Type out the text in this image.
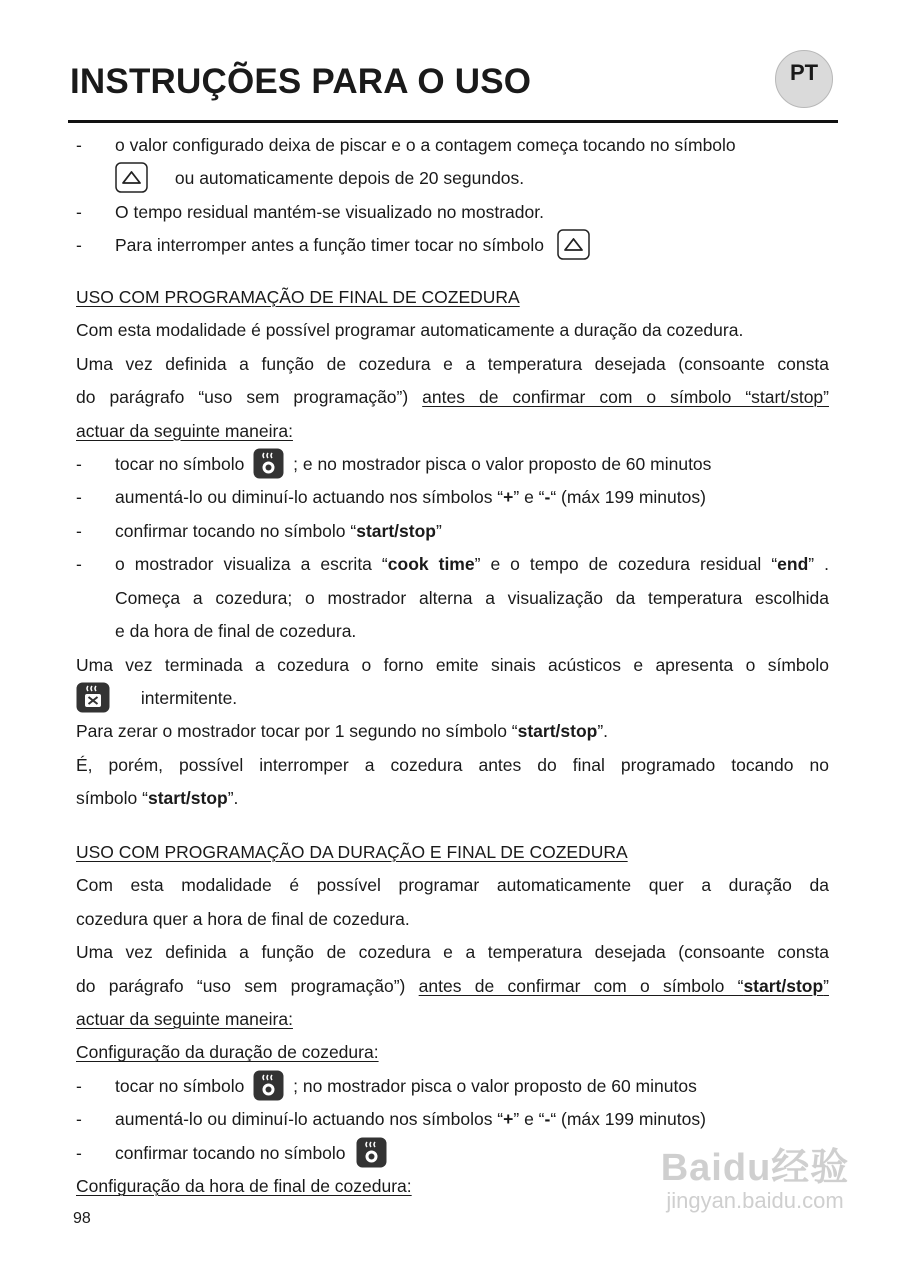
INSTRUÇÕES PARA O USO	PT
- o valor configurado deixa de piscar e o a contagem começa tocando no símbolo
ou automaticamente depois de 20 segundos.
- O tempo residual mantém-se visualizado no mostrador.
- Para interromper antes a função timer tocar no símbolo
USO COM PROGRAMAÇÃO DE FINAL DE COZEDURA
Com esta modalidade é possível programar automaticamente a duração da cozedura.
Uma vez definida a função de cozedura e a temperatura desejada (consoante consta
do parágrafo “uso sem programação”) antes de confirmar com o símbolo “start/stop”
actuar da seguinte maneira:
- tocar no símbolo	; e no mostrador pisca o valor proposto de 60 minutos
- aumentá-lo ou diminuí-lo actuando nos símbolos “+” e “-“ (máx 199 minutos)
- confirmar tocando no símbolo “start/stop”
- o mostrador visualiza a escrita “cook time” e o tempo de cozedura residual “end” .
Começa a cozedura; o mostrador alterna a visualização da temperatura escolhida
e da hora de final de cozedura.
Uma vez terminada a cozedura o forno emite sinais acústicos e apresenta o símbolo
intermitente.
Para zerar o mostrador tocar por 1 segundo no símbolo “start/stop”.
É, porém, possível interromper a cozedura antes do final programado tocando no
símbolo “start/stop”.
USO COM PROGRAMAÇÃO DA DURAÇÃO E FINAL DE COZEDURA
Com esta modalidade é possível programar automaticamente quer a duração da
cozedura quer a hora de final de cozedura.
Uma vez definida a função de cozedura e a temperatura desejada (consoante consta
do parágrafo “uso sem programação”) antes de confirmar com o símbolo “start/stop”
actuar da seguinte maneira:
Configuração da duração de cozedura:
- tocar no símbolo	; no mostrador pisca o valor proposto de 60 minutos
- aumentá-lo ou diminuí-lo actuando nos símbolos “+” e “-“ (máx 199 minutos)
- confirmar tocando no símbolo
Configuração da hora de final de cozedura:
98
Baidu经验
jingyan.baidu.com
